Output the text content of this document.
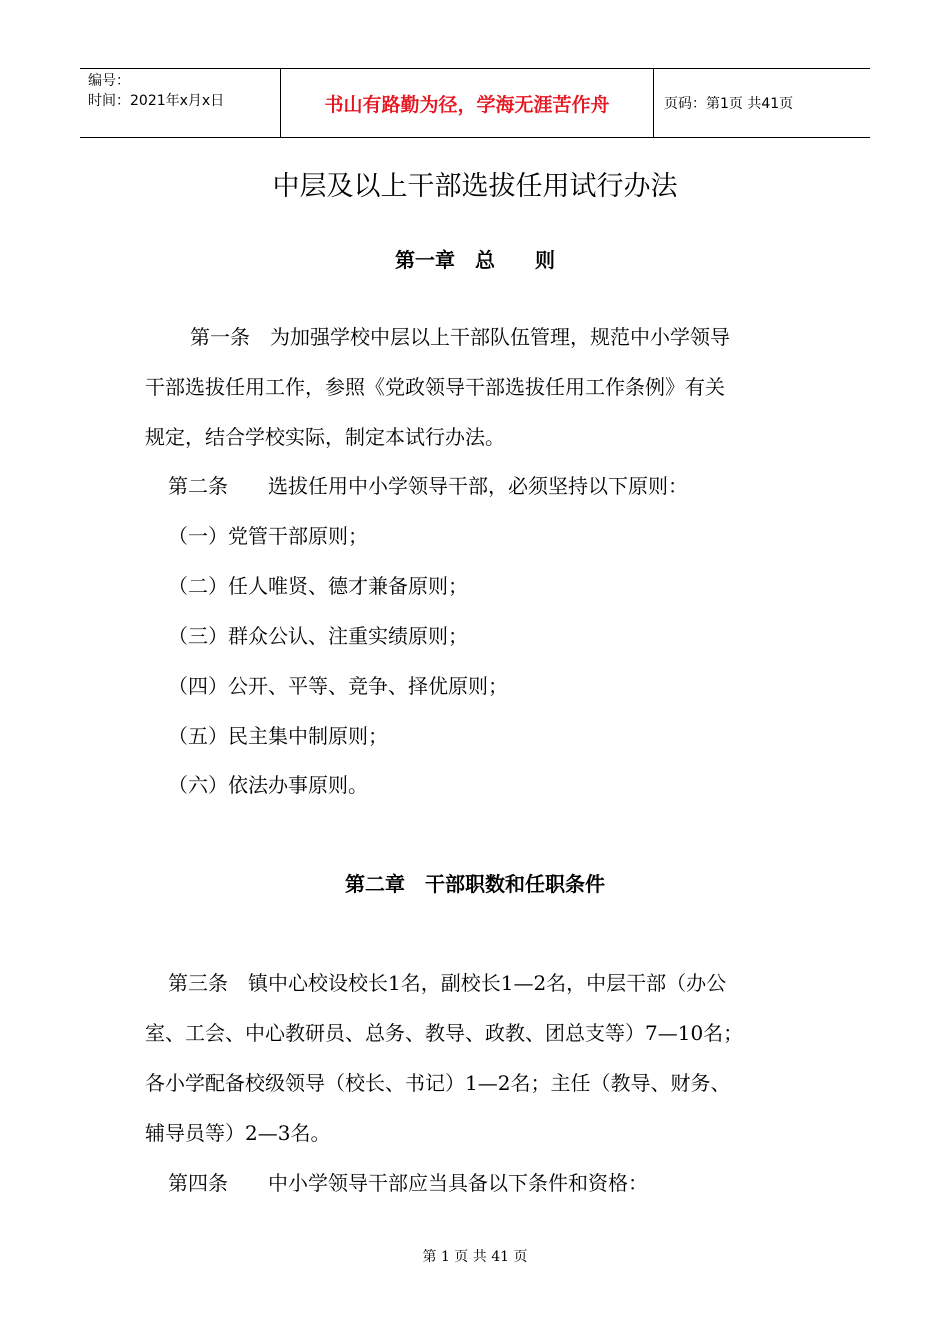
编号：
时间：2021年x月x日	书山有路勤为径，学海无涯苦作舟	页码：第1页 共41页
中层及以上干部选拔任用试行办法
第一章　总　　则
第一条　为加强学校中层以上干部队伍管理，规范中小学领导
干部选拔任用工作，参照《党政领导干部选拔任用工作条例》有关
规定，结合学校实际，制定本试行办法。
第二条　　选拔任用中小学领导干部，必须坚持以下原则：
（一）党管干部原则；
（二）任人唯贤、德才兼备原则；
（三）群众公认、注重实绩原则；
（四）公开、平等、竞争、择优原则；
（五）民主集中制原则；
（六）依法办事原则。
第二章　干部职数和任职条件
第三条　镇中心校设校长1名，副校长1—2名，中层干部（办公
室、工会、中心教研员、总务、教导、政教、团总支等）7—10名；
各小学配备校级领导（校长、书记）1—2名；主任（教导、财务、
辅导员等）2—3名。
第四条　　中小学领导干部应当具备以下条件和资格：
第 1 页 共 41 页
